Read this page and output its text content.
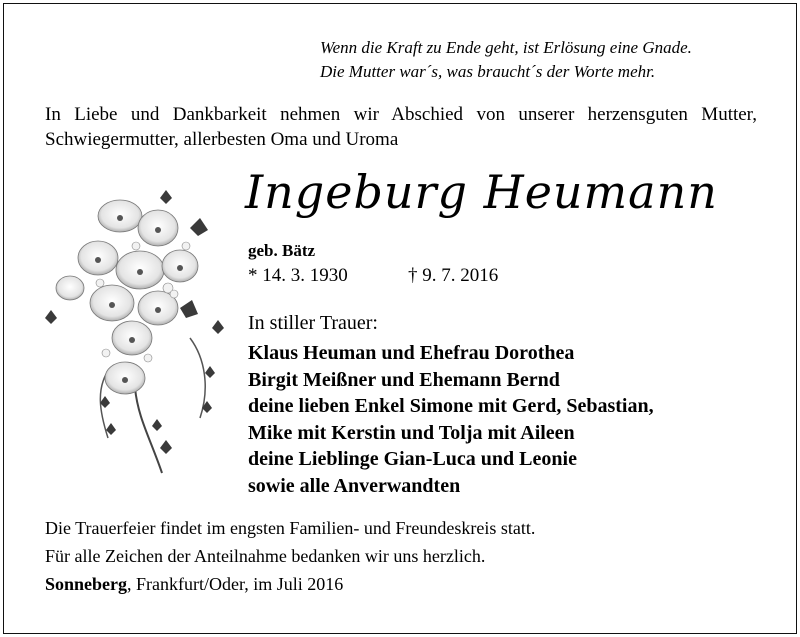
Wenn die Kraft zu Ende geht, ist Erlösung eine Gnade.
Die Mutter war´s, was braucht´s der Worte mehr.
In Liebe und Dankbarkeit nehmen wir Abschied von unserer herzensguten Mutter, Schwiegermutter, allerbesten Oma und Uroma
Ingeburg Heumann
geb. Bätz
* 14. 3. 1930	† 9. 7. 2016
In stiller Trauer:
Klaus Heuman und Ehefrau Dorothea
Birgit Meißner und Ehemann Bernd
deine lieben Enkel Simone mit Gerd, Sebastian,
Mike mit Kerstin und Tolja mit Aileen
deine Lieblinge Gian-Luca und Leonie
sowie alle Anverwandten

Die Trauerfeier findet im engsten Familien- und Freundeskreis statt.

Für alle Zeichen der Anteilnahme bedanken wir uns herzlich.

Sonneberg, Frankfurt/Oder, im Juli 2016
